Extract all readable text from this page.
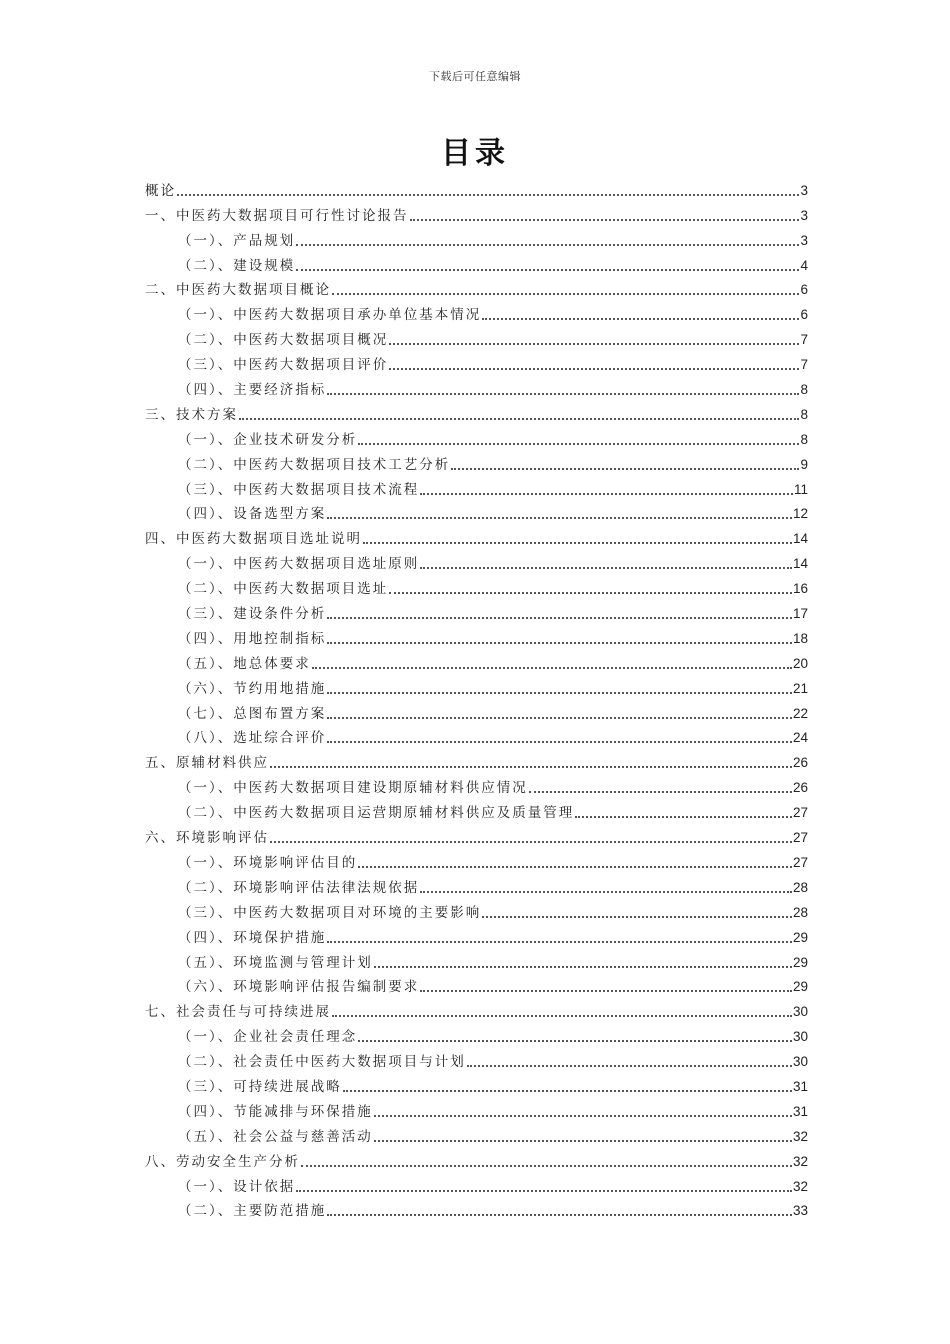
下载后可任意编辑
目录
概论	3
一、中医药大数据项目可行性讨论报告	3
（一）、产品规划	3
（二）、建设规模	4
二、中医药大数据项目概论	6
（一）、中医药大数据项目承办单位基本情况	6
（二）、中医药大数据项目概况	7
（三）、中医药大数据项目评价	7
（四）、主要经济指标	8
三、技术方案	8
（一）、企业技术研发分析	8
（二）、中医药大数据项目技术工艺分析	9
（三）、中医药大数据项目技术流程	11
（四）、设备选型方案	12
四、中医药大数据项目选址说明	14
（一）、中医药大数据项目选址原则	14
（二）、中医药大数据项目选址	16
（三）、建设条件分析	17
（四）、用地控制指标	18
（五）、地总体要求	20
（六）、节约用地措施	21
（七）、总图布置方案	22
（八）、选址综合评价	24
五、原辅材料供应	26
（一）、中医药大数据项目建设期原辅材料供应情况	26
（二）、中医药大数据项目运营期原辅材料供应及质量管理	27
六、环境影响评估	27
（一）、环境影响评估目的	27
（二）、环境影响评估法律法规依据	28
（三）、中医药大数据项目对环境的主要影响	28
（四）、环境保护措施	29
（五）、环境监测与管理计划	29
（六）、环境影响评估报告编制要求	29
七、社会责任与可持续进展	30
（一）、企业社会责任理念	30
（二）、社会责任中医药大数据项目与计划	30
（三）、可持续进展战略	31
（四）、节能减排与环保措施	31
（五）、社会公益与慈善活动	32
八、劳动安全生产分析	32
（一）、设计依据	32
（二）、主要防范措施	33
